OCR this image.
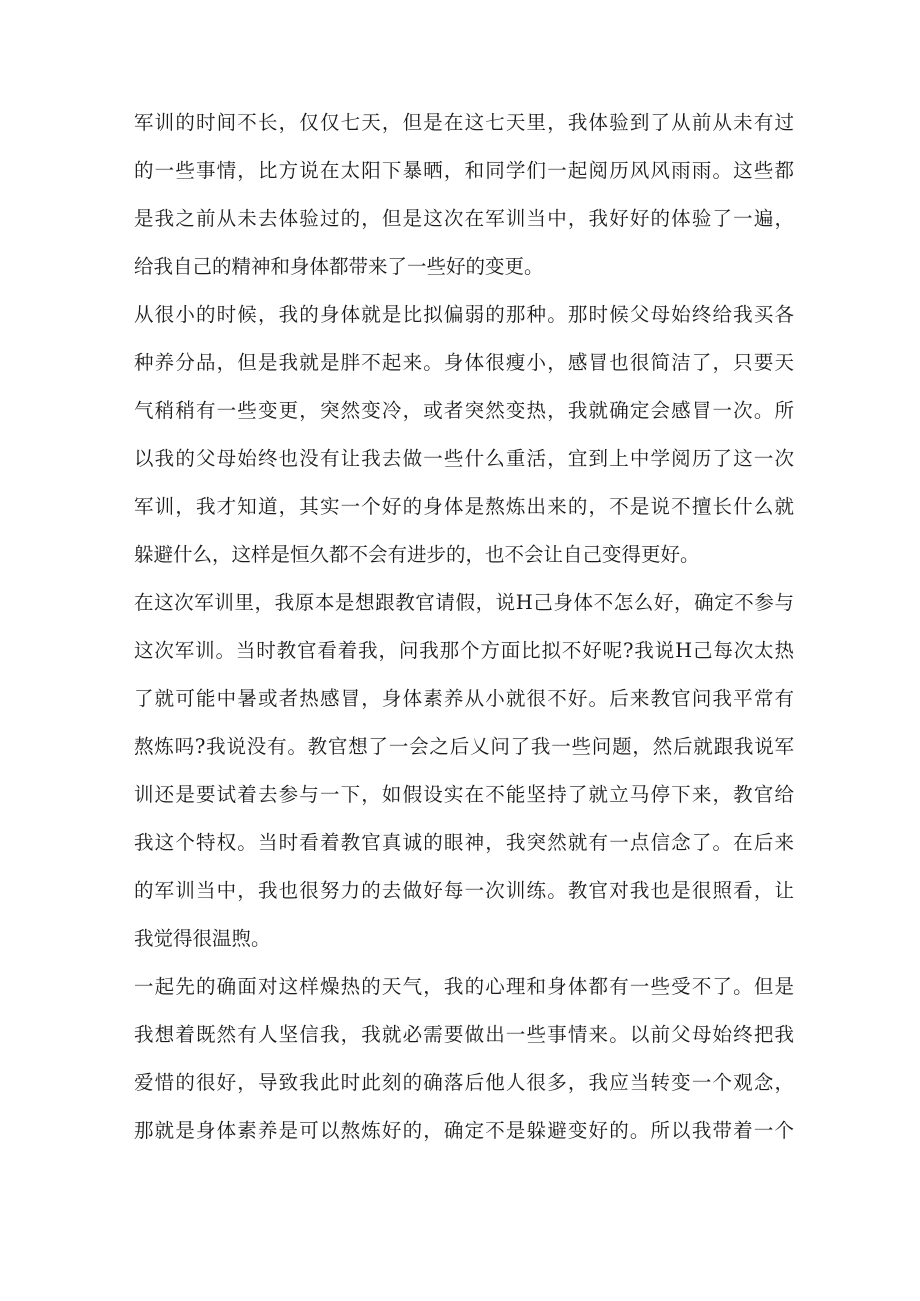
军训的时间不长，仅仅七天，但是在这七天里，我体验到了从前从未有过
的一些事情，比方说在太阳下暴晒，和同学们一起阅历风风雨雨。这些都
是我之前从未去体验过的，但是这次在军训当中，我好好的体验了一遍，
给我自己的精神和身体都带来了一些好的变更。
从很小的时候，我的身体就是比拟偏弱的那种。那时候父母始终给我买各
种养分品，但是我就是胖不起来。身体很瘦小，感冒也很简洁了，只要天
气稍稍有一些变更，突然变冷，或者突然变热，我就确定会感冒一次。所
以我的父母始终也没有让我去做一些什么重活，宜到上中学阅历了这一次
军训，我才知道，其实一个好的身体是熬炼出来的，不是说不擅长什么就
躲避什么，这样是恒久都不会有进步的，也不会让自己变得更好。
在这次军训里，我原本是想跟教官请假，说H己身体不怎么好，确定不参与
这次军训。当时教官看着我，问我那个方面比拟不好呢?我说H己每次太热
了就可能中暑或者热感冒，身体素养从小就很不好。后来教官问我平常有
熬炼吗?我说没有。教官想了一会之后乂问了我一些问题，然后就跟我说军
训还是要试着去参与一下，如假设实在不能坚持了就立马停下来，教官给
我这个特权。当时看着教官真诚的眼神，我突然就有一点信念了。在后来
的军训当中，我也很努力的去做好每一次训练。教官对我也是很照看，让
我觉得很温煦。
一起先的确面对这样燥热的天气，我的心理和身体都有一些受不了。但是
我想着既然有人坚信我，我就必需要做出一些事情来。以前父母始终把我
爱惜的很好，导致我此时此刻的确落后他人很多，我应当转变一个观念，
那就是身体素养是可以熬炼好的，确定不是躲避变好的。所以我带着一个
